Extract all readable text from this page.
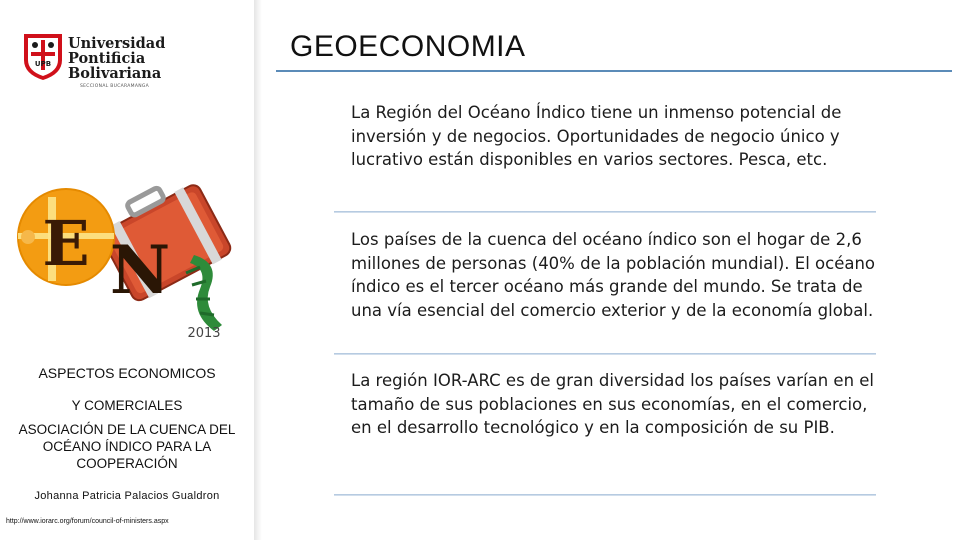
UPB
Universidad
Pontificia
Bolivariana
SECCIONAL BUCARAMANGA
E N
2013
ASPECTOS ECONOMICOS
Y COMERCIALES
ASOCIACIÓN DE LA CUENCA DEL OCÉANO ÍNDICO PARA LA COOPERACIÓN
Johanna Patricia Palacios Gualdron
http://www.iorarc.org/forum/council-of-ministers.aspx
GEOECONOMIA
La Región del Océano Índico tiene un inmenso potencial de inversión y de negocios. Oportunidades de negocio único y lucrativo están disponibles en varios sectores. Pesca, etc.
Los países de la cuenca del océano índico son el hogar de 2,6 millones de personas (40% de la población mundial). El océano índico es el tercer océano más grande del mundo. Se trata de una vía esencial del comercio exterior y de la economía global.
La región IOR-ARC es de gran diversidad los países varían en el tamaño de sus poblaciones en sus economías, en el comercio, en el desarrollo tecnológico y en la composición de su PIB.
